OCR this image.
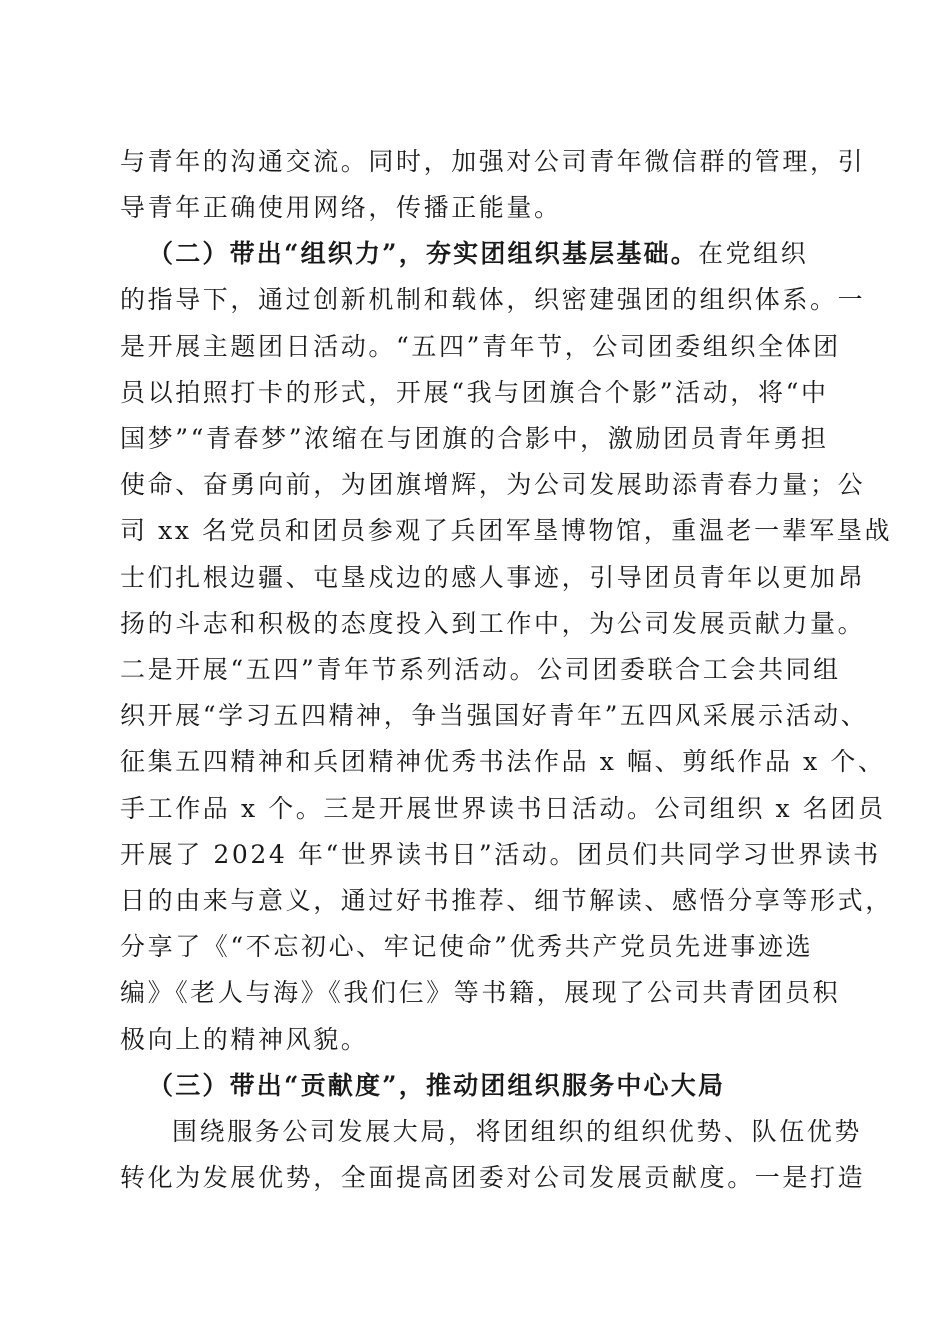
与青年的沟通交流。同时，加强对公司青年微信群的管理，引
导青年正确使用网络，传播正能量。
（二）带出“组织力”，夯实团组织基层基础。在党组织
的指导下，通过创新机制和载体，织密建强团的组织体系。一
是开展主题团日活动。“五四”青年节，公司团委组织全体团
员以拍照打卡的形式，开展“我与团旗合个影”活动，将“中
国梦”“青春梦”浓缩在与团旗的合影中，激励团员青年勇担
使命、奋勇向前，为团旗增辉，为公司发展助添青春力量；公
司 xx 名党员和团员参观了兵团军垦博物馆，重温老一辈军垦战
士们扎根边疆、屯垦戍边的感人事迹，引导团员青年以更加昂
扬的斗志和积极的态度投入到工作中，为公司发展贡献力量。
二是开展“五四”青年节系列活动。公司团委联合工会共同组
织开展“学习五四精神，争当强国好青年”五四风采展示活动、
征集五四精神和兵团精神优秀书法作品 x 幅、剪纸作品 x 个、
手工作品 x 个。三是开展世界读书日活动。公司组织 x 名团员
开展了 2024 年“世界读书日”活动。团员们共同学习世界读书
日的由来与意义，通过好书推荐、细节解读、感悟分享等形式，
分享了《“不忘初心、牢记使命”优秀共产党员先进事迹选
编》《老人与海》《我们仨》等书籍，展现了公司共青团员积
极向上的精神风貌。
（三）带出“贡献度”，推动团组织服务中心大局
围绕服务公司发展大局，将团组织的组织优势、队伍优势
转化为发展优势，全面提高团委对公司发展贡献度。一是打造
